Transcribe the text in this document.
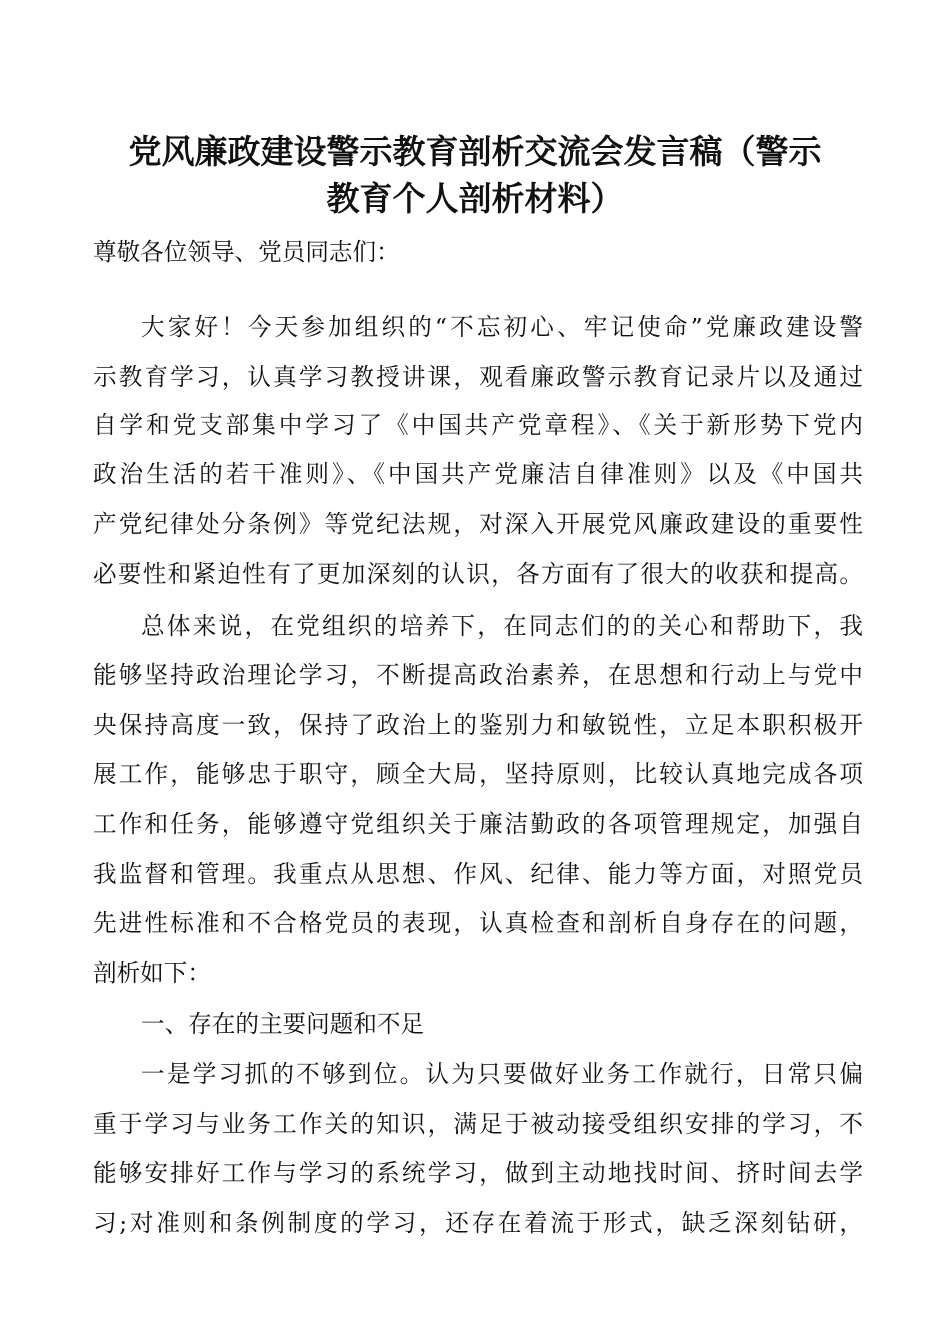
党风廉政建设警示教育剖析交流会发言稿（警示
教育个人剖析材料）
尊敬各位领导、党员同志们：
大家好！今天参加组织的“不忘初心、牢记使命”党廉政建设警
示教育学习，认真学习教授讲课，观看廉政警示教育记录片以及通过
自学和党支部集中学习了《中国共产党章程》、《关于新形势下党内
政治生活的若干准则》、《中国共产党廉洁自律准则》以及《中国共
产党纪律处分条例》等党纪法规，对深入开展党风廉政建设的重要性
必要性和紧迫性有了更加深刻的认识，各方面有了很大的收获和提高。
总体来说，在党组织的培养下，在同志们的的关心和帮助下，我
能够坚持政治理论学习，不断提高政治素养，在思想和行动上与党中
央保持高度一致，保持了政治上的鉴别力和敏锐性，立足本职积极开
展工作，能够忠于职守，顾全大局，坚持原则，比较认真地完成各项
工作和任务，能够遵守党组织关于廉洁勤政的各项管理规定，加强自
我监督和管理。我重点从思想、作风、纪律、能力等方面，对照党员
先进性标准和不合格党员的表现，认真检查和剖析自身存在的问题，
剖析如下：
一、存在的主要问题和不足
一是学习抓的不够到位。认为只要做好业务工作就行，日常只偏
重于学习与业务工作关的知识，满足于被动接受组织安排的学习，不
能够安排好工作与学习的系统学习，做到主动地找时间、挤时间去学
习;对准则和条例制度的学习，还存在着流于形式，缺乏深刻钻研，
